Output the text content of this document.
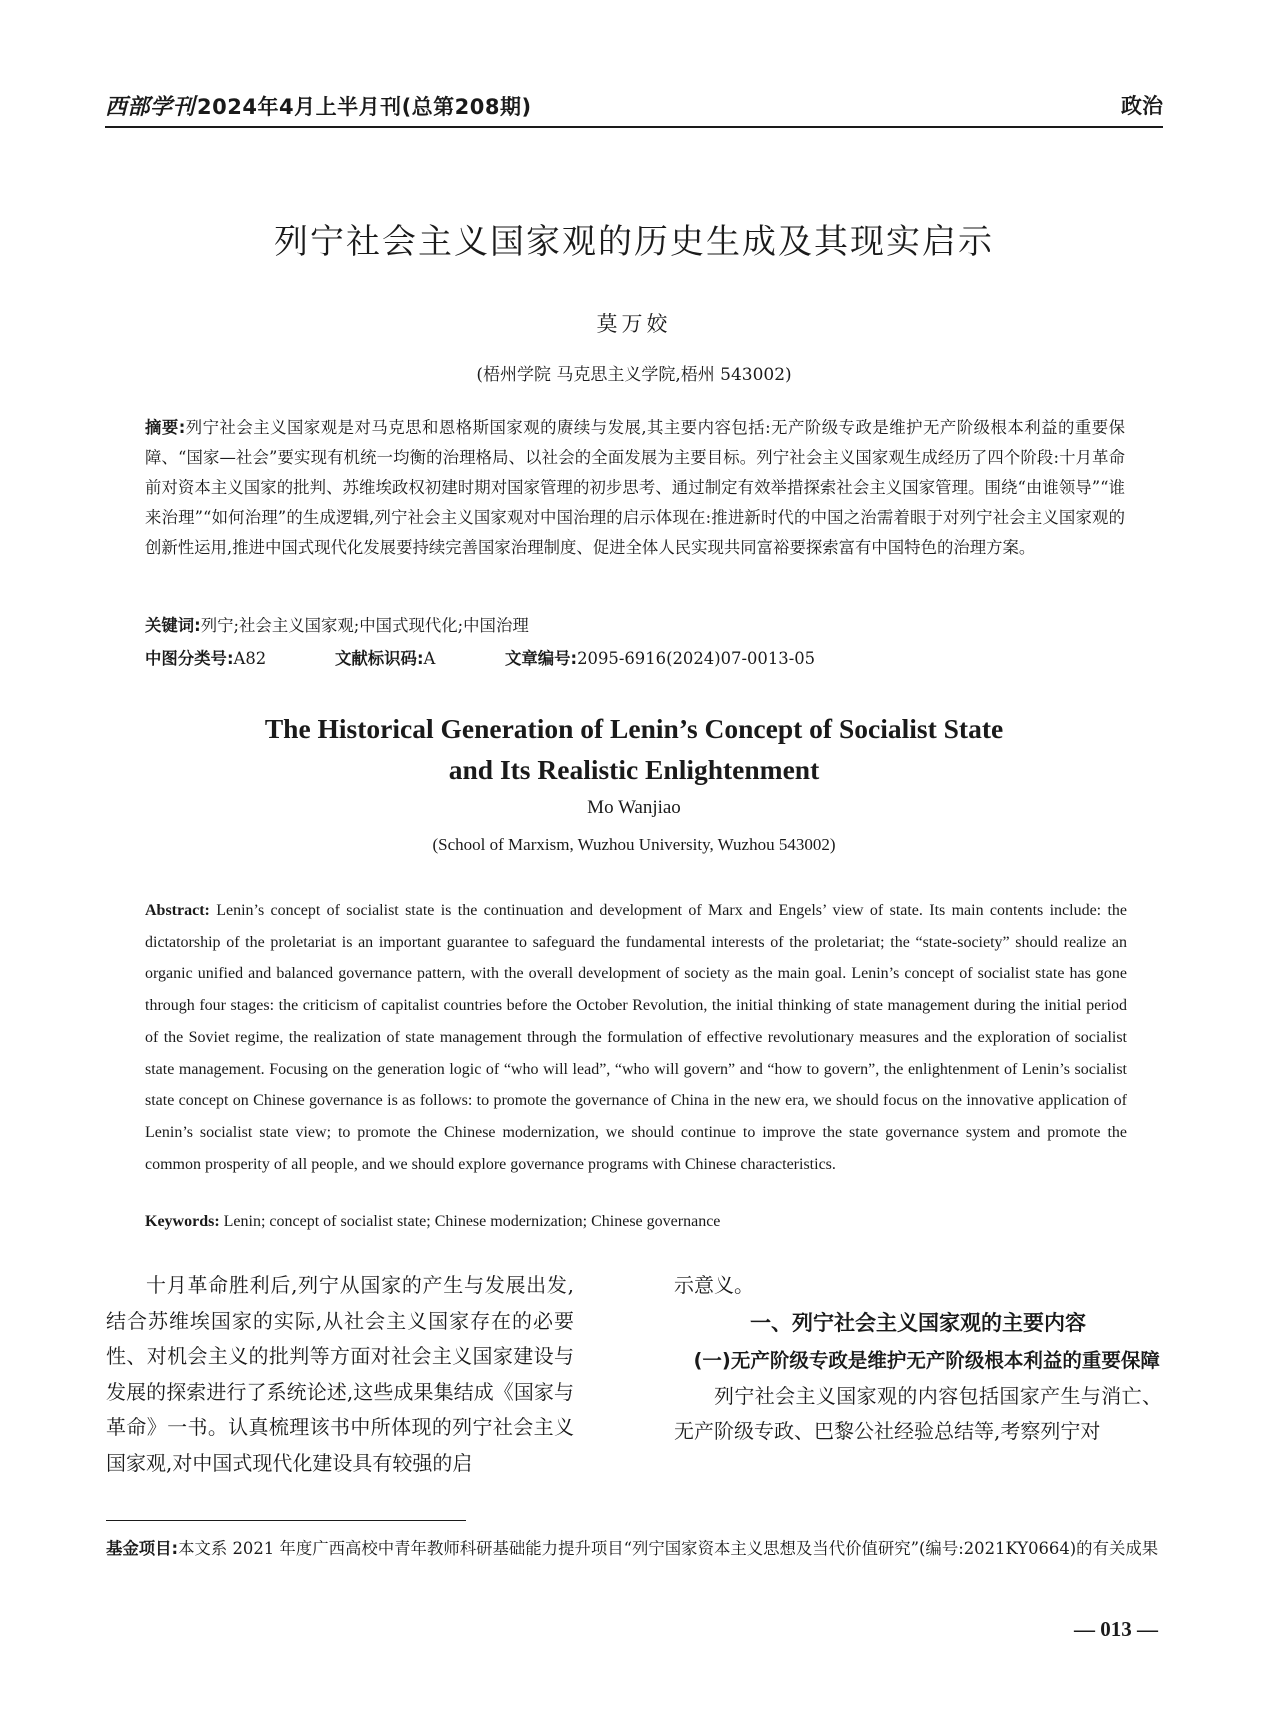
西部学刊2024年4月上半月刊(总第208期)	政治
列宁社会主义国家观的历史生成及其现实启示
莫万姣
(梧州学院 马克思主义学院,梧州 543002)
摘要:列宁社会主义国家观是对马克思和恩格斯国家观的赓续与发展,其主要内容包括:无产阶级专政是维护无产阶级根本利益的重要保障、“国家—社会”要实现有机统一均衡的治理格局、以社会的全面发展为主要目标。列宁社会主义国家观生成经历了四个阶段:十月革命前对资本主义国家的批判、苏维埃政权初建时期对国家管理的初步思考、通过制定有效举措探索社会主义国家管理。围绕“由谁领导”“谁来治理”“如何治理”的生成逻辑,列宁社会主义国家观对中国治理的启示体现在:推进新时代的中国之治需着眼于对列宁社会主义国家观的创新性运用,推进中国式现代化发展要持续完善国家治理制度、促进全体人民实现共同富裕要探索富有中国特色的治理方案。
关键词:列宁;社会主义国家观;中国式现代化;中国治理
中图分类号:A82	文献标识码:A	文章编号:2095-6916(2024)07-0013-05
The Historical Generation of Lenin’s Concept of Socialist State
and Its Realistic Enlightenment
Mo Wanjiao
(School of Marxism, Wuzhou University, Wuzhou 543002)
Abstract: Lenin’s concept of socialist state is the continuation and development of Marx and Engels’ view of state. Its main contents include: the dictatorship of the proletariat is an important guarantee to safeguard the fundamental interests of the proletariat; the “state-society” should realize an organic unified and balanced governance pattern, with the overall development of society as the main goal. Lenin’s concept of socialist state has gone through four stages: the criticism of capitalist countries before the October Revolution, the initial thinking of state management during the initial period of the Soviet regime, the realization of state management through the formulation of effective revolutionary measures and the exploration of socialist state management. Focusing on the generation logic of “who will lead”, “who will govern” and “how to govern”, the enlightenment of Lenin’s socialist state concept on Chinese governance is as follows: to promote the governance of China in the new era, we should focus on the innovative application of Lenin’s socialist state view; to promote the Chinese modernization, we should continue to improve the state governance system and promote the common prosperity of all people, and we should explore governance programs with Chinese characteristics.
Keywords: Lenin; concept of socialist state; Chinese modernization; Chinese governance

十月革命胜利后,列宁从国家的产生与发展出发,结合苏维埃国家的实际,从社会主义国家存在的必要性、对机会主义的批判等方面对社会主义国家建设与发展的探索进行了系统论述,这些成果集结成《国家与革命》一书。认真梳理该书中所体现的列宁社会主义国家观,对中国式现代化建设具有较强的启

示意义。

一、列宁社会主义国家观的主要内容
(一)无产阶级专政是维护无产阶级根本利益的重要保障

列宁社会主义国家观的内容包括国家产生与消亡、无产阶级专政、巴黎公社经验总结等,考察列宁对

基金项目:本文系 2021 年度广西高校中青年教师科研基础能力提升项目“列宁国家资本主义思想及当代价值研究”(编号:2021KY0664)的有关成果
— 013 —
